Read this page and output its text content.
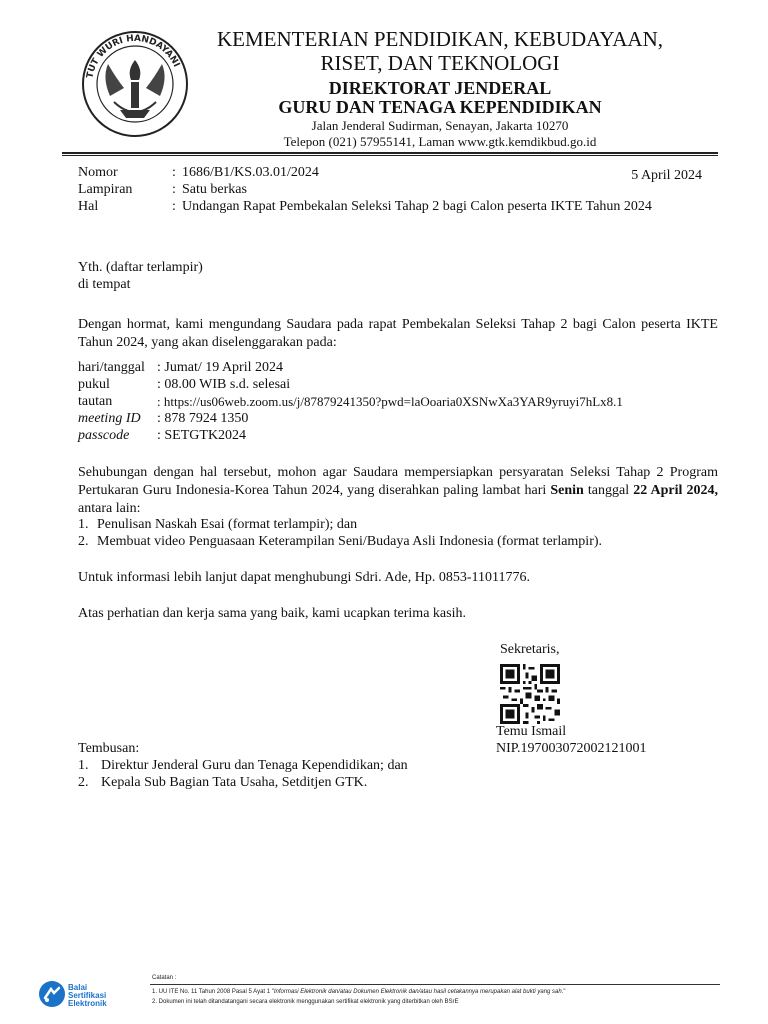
TUT WURI HANDAYANI
KEMENTERIAN PENDIDIKAN, KEBUDAYAAN,
RISET, DAN TEKNOLOGI
DIREKTORAT JENDERAL
GURU DAN TENAGA KEPENDIDIKAN
Jalan Jenderal Sudirman, Senayan, Jakarta 10270
Telepon (021) 57955141, Laman www.gtk.kemdikbud.go.id
Nomor	: 1686/B1/KS.03.01/2024	5 April 2024
Lampiran	: Satu berkas
Hal	: Undangan Rapat Pembekalan Seleksi Tahap 2 bagi Calon peserta IKTE Tahun 2024
Yth. (daftar terlampir)
di tempat
Dengan hormat, kami mengundang Saudara pada rapat Pembekalan Seleksi Tahap 2 bagi Calon peserta IKTE Tahun 2024, yang akan diselenggarakan pada:
hari/tanggal : Jumat/ 19 April 2024
pukul	: 08.00 WIB s.d. selesai
tautan	: https://us06web.zoom.us/j/87879241350?pwd=laOoaria0XSNwXa3YAR9yruyi7hLx8.1
meeting ID : 878 7924 1350
passcode : SETGTK2024
Sehubungan dengan hal tersebut, mohon agar Saudara mempersiapkan persyaratan Seleksi Tahap 2 Program Pertukaran Guru Indonesia-Korea Tahun 2024, yang diserahkan paling lambat hari Senin tanggal 22 April 2024, antara lain:
1. Penulisan Naskah Esai (format terlampir); dan
2. Membuat video Penguasaan Keterampilan Seni/Budaya Asli Indonesia (format terlampir).
Untuk informasi lebih lanjut dapat menghubungi Sdri. Ade, Hp. 0853-11011776.
Atas perhatian dan kerja sama yang baik, kami ucapkan terima kasih.
Sekretaris,
Temu Ismail
NIP.197003072002121001
Tembusan:
1. Direktur Jenderal Guru dan Tenaga Kependidikan; dan
2. Kepala Sub Bagian Tata Usaha, Setditjen GTK.
Balai
Sertifikasi
Elektronik
Catatan :
1. UU ITE No. 11 Tahun 2008 Pasal 5 Ayat 1 "Informasi Elektronik dan/atau Dokumen Elektronik dan/atau hasil cetakannya merupakan alat bukti yang sah."
2. Dokumen ini telah ditandatangani secara elektronik menggunakan sertifikat elektronik yang diterbitkan oleh BSrE
